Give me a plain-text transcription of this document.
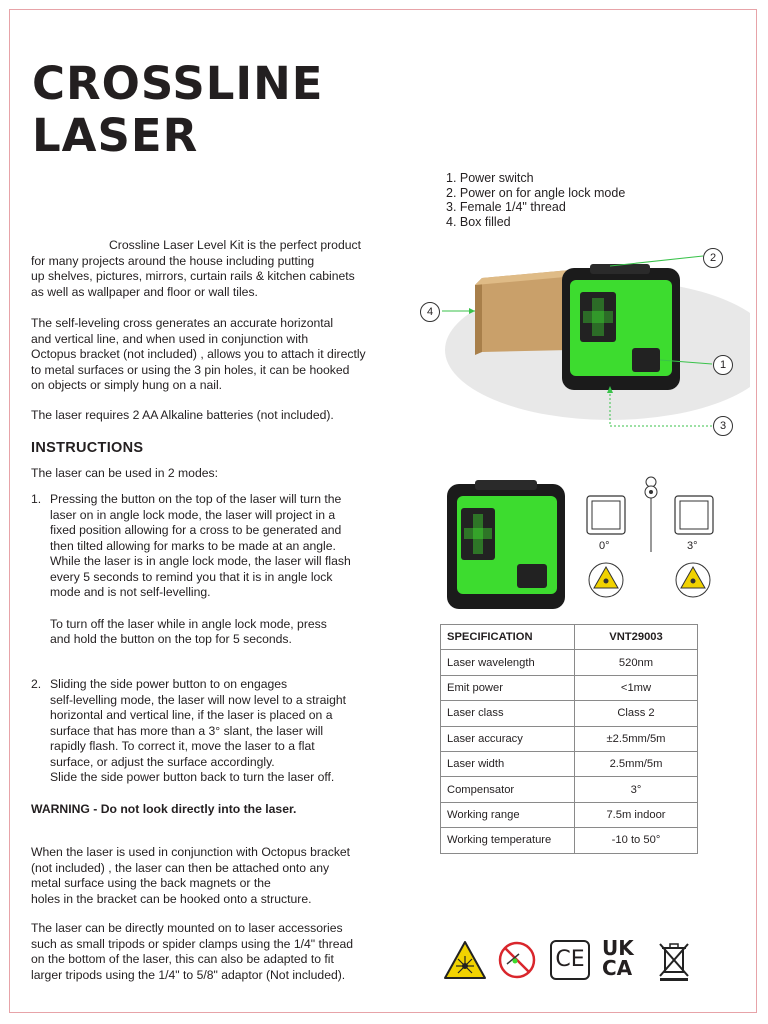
CROSSLINE
LASER
1. Power switch
2. Power on for angle lock mode
3. Female 1/4" thread
4. Box filled
2
1
4
3
Crossline Laser Level Kit is the perfect product
for many projects around the house including putting
up shelves, pictures, mirrors, curtain rails & kitchen cabinets
as well as wallpaper and floor or wall tiles.
The self-leveling cross generates an accurate horizontal
and vertical line, and when used in conjunction with
Octopus bracket (not included) , allows you to attach it directly
to metal surfaces or using the 3 pin holes, it can be hooked
on objects or simply hung on a nail.

The laser requires 2 AA Alkaline batteries (not included).

INSTRUCTIONS

The laser can be used in 2 modes:

1. Pressing the button on the top of the laser will turn the
laser on in angle lock mode, the laser will project in a
fixed position allowing for a cross to be generated and
then tilted allowing for marks to be made at an angle.
While the laser is in angle lock mode, the laser will flash
every 5 seconds to remind you that it is in angle lock
mode and is not self-levelling.
To turn off the laser while in angle lock mode, press
and hold the button on the top for 5 seconds.
2. Sliding the side power button to on engages
self-levelling mode, the laser will now level to a straight
horizontal and vertical line, if the laser is placed on a
surface that has more than a 3° slant, the laser will
rapidly flash. To correct it, move the laser to a flat
surface, or adjust the surface accordingly.
Slide the side power button back to turn the laser off.

WARNING - Do not look directly into the laser.

When the laser is used in conjunction with Octopus bracket
(not included) , the laser can then be attached onto any
metal surface using the back magnets or the
holes in the bracket can be hooked onto a structure.
The laser can be directly mounted on to laser accessories
such as small tripods or spider clamps using the 1/4" thread
on the bottom of the laser, this can also be adapted to fit
larger tripods using the 1/4" to 5/8" adaptor (Not included).
0°	3°
SPECIFICATION	VNT29003
Laser wavelength	520nm
Emit power	<1mw
Laser class	Class 2
Laser accuracy	±2.5mm/5m
Laser width	2.5mm/5m
Compensator	3°
Working range	7.5m indoor
Working temperature	-10 to 50°
CE UK
CA
